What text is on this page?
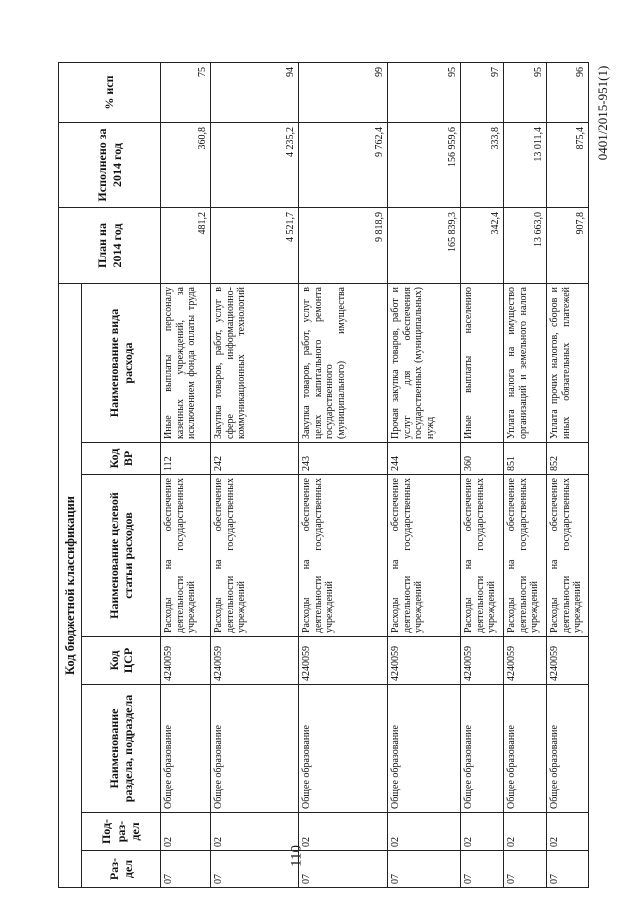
110
0401/2015-951(1)
Код бюджетной классификации							План на 2014 год	Исполнено за 2014 год	% исп
Раз-дел	Под-раз-дел	Наименование раздела, подраздела	Код ЦСР	Наименование целевой статьи расходов	Код ВР	Наименование вида расхода			
07	02	Общее образование	4240059	Расходы на обеспечение деятельности государственных учреждений	112	Иные выплаты персоналу казенных учреждений, за исключением фонда оплаты труда	481,2	360,8	75
07	02	Общее образование	4240059	Расходы на обеспечение деятельности государственных учреждений	242	Закупка товаров, работ, услуг в сфере информационно-коммуникационных технологий	4 521,7	4 235,2	94
07	02	Общее образование	4240059	Расходы на обеспечение деятельности государственных учреждений	243	Закупка товаров, работ, услуг в целях капитального ремонта государственного (муниципального) имущества	9 818,9	9 762,4	99
07	02	Общее образование	4240059	Расходы на обеспечение деятельности государственных учреждений	244	Прочая закупка товаров, работ и услуг для обеспечения государственных (муниципальных) нужд	165 839,3	156 959,6	95
07	02	Общее образование	4240059	Расходы на обеспечение деятельности государственных учреждений	360	Иные выплаты населению	342,4	333,8	97
07	02	Общее образование	4240059	Расходы на обеспечение деятельности государственных учреждений	851	Уплата налога на имущество организаций и земельного налога	13 663,0	13 011,4	95
07	02	Общее образование	4240059	Расходы на обеспечение деятельности государственных учреждений	852	Уплата прочих налогов, сборов и иных обязательных платежей	907,8	875,4	96
